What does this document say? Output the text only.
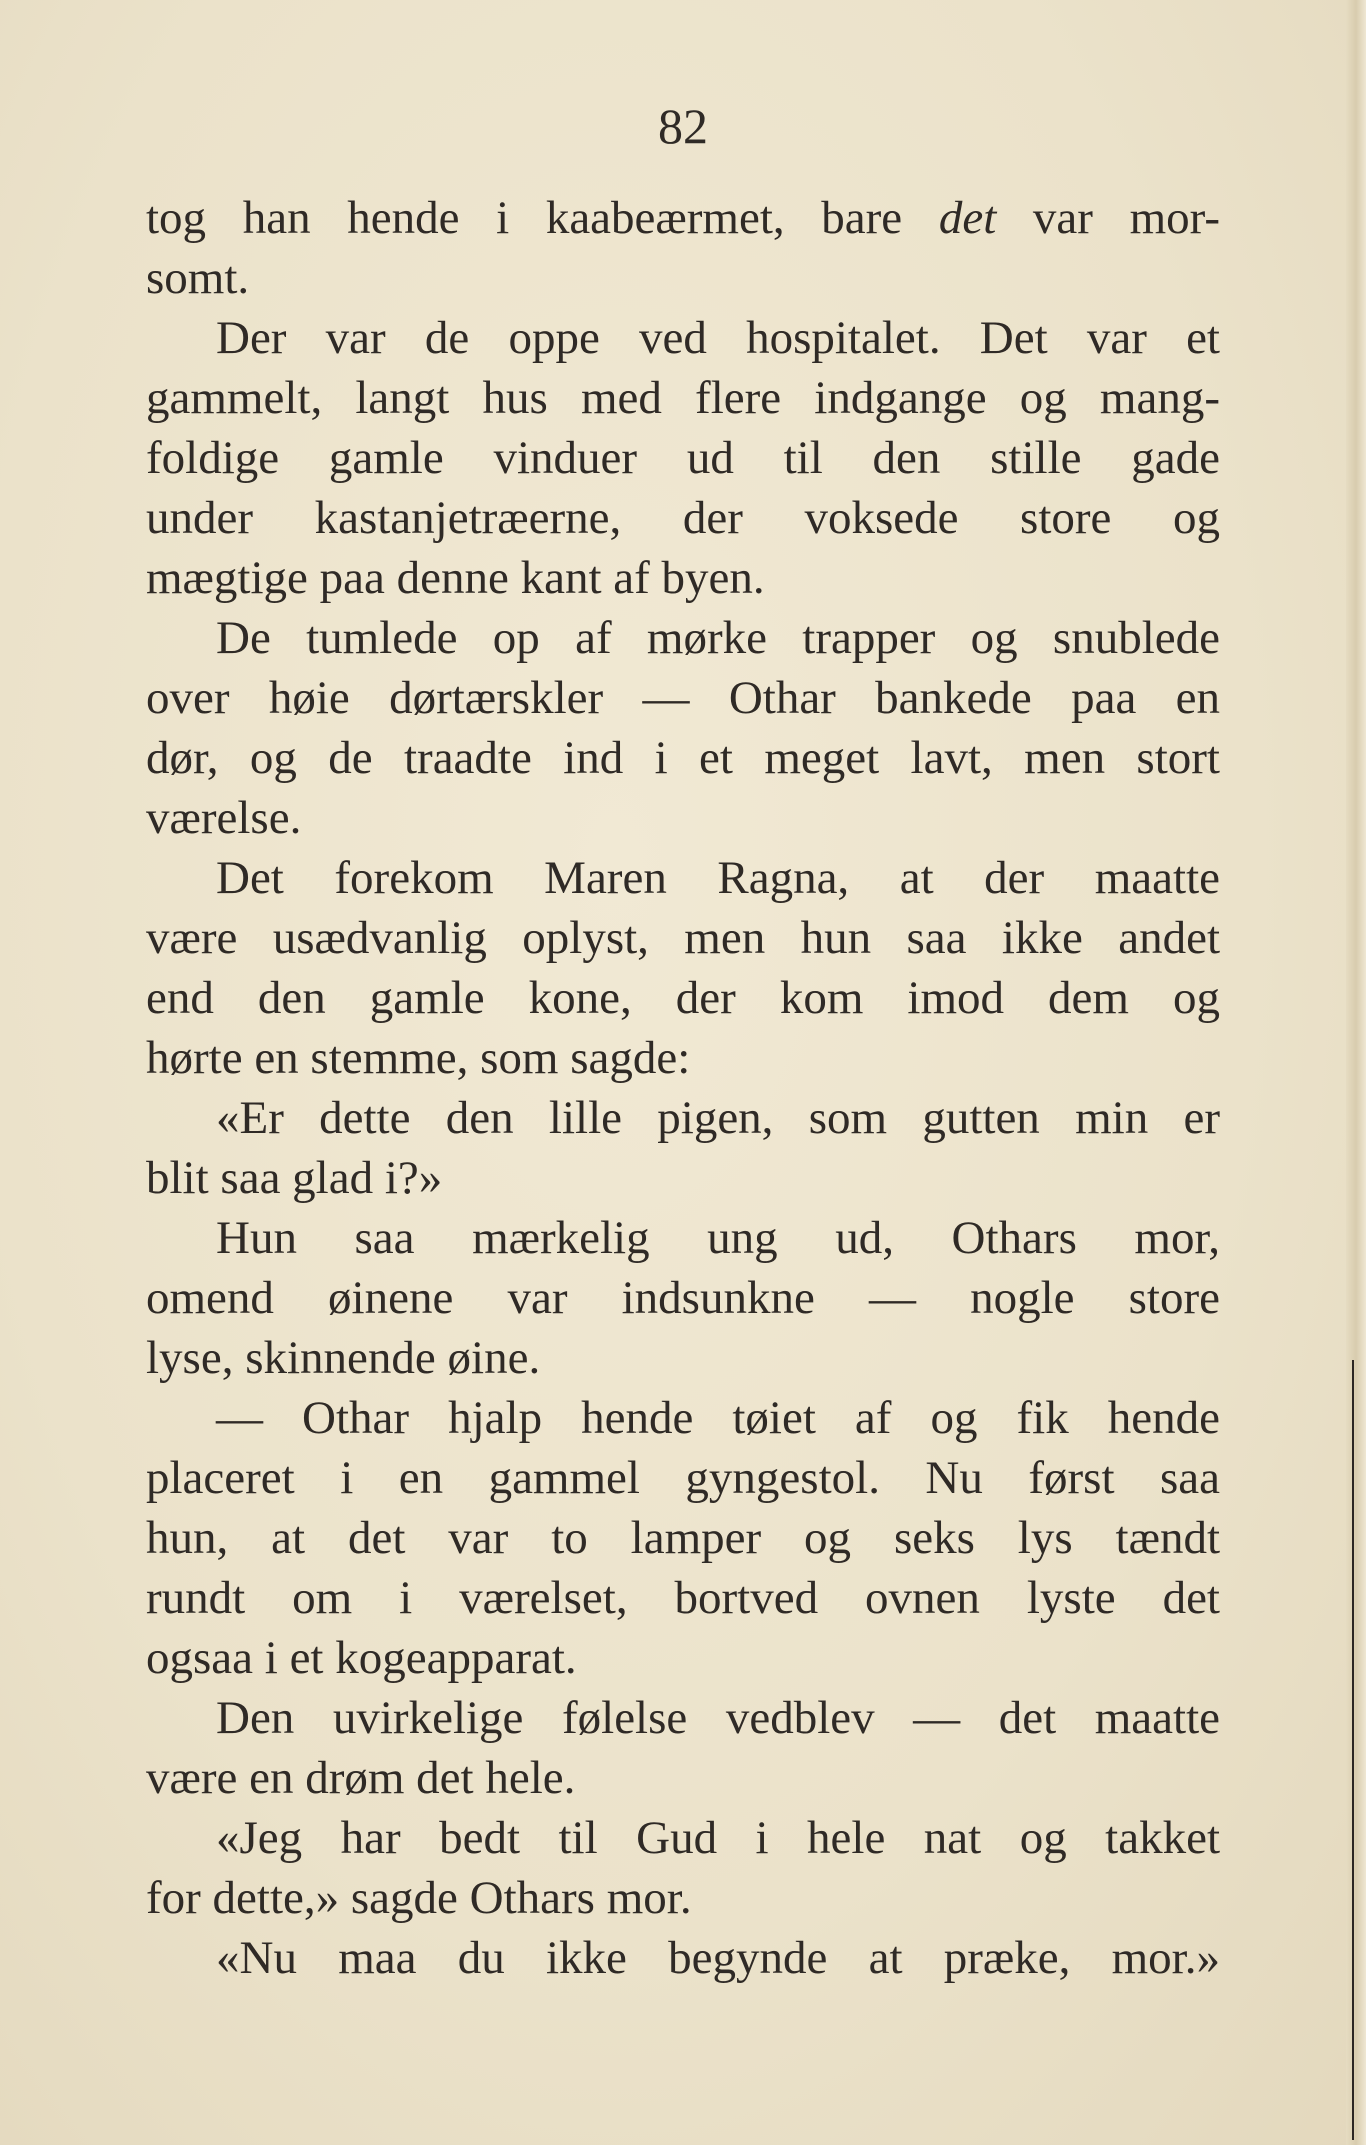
82

tog han hende i kaabeærmet, bare det var mor-
somt.
Der var de oppe ved hospitalet. Det var et
gammelt, langt hus med flere indgange og mang-
foldige gamle vinduer ud til den stille gade
under kastanjetræerne, der voksede store og
mægtige paa denne kant af byen.
De tumlede op af mørke trapper og snublede
over høie dørtærskler — Othar bankede paa en
dør, og de traadte ind i et meget lavt, men stort
værelse.
Det forekom Maren Ragna, at der maatte
være usædvanlig oplyst, men hun saa ikke andet
end den gamle kone, der kom imod dem og
hørte en stemme, som sagde:
«Er dette den lille pigen, som gutten min er
blit saa glad i?»
Hun saa mærkelig ung ud, Othars mor,
omend øinene var indsunkne — nogle store
lyse, skinnende øine.
— Othar hjalp hende tøiet af og fik hende
placeret i en gammel gyngestol. Nu først saa
hun, at det var to lamper og seks lys tændt
rundt om i værelset, bortved ovnen lyste det
ogsaa i et kogeapparat.
Den uvirkelige følelse vedblev — det maatte
være en drøm det hele.
«Jeg har bedt til Gud i hele nat og takket
for dette,» sagde Othars mor.
«Nu maa du ikke begynde at præke, mor.»
